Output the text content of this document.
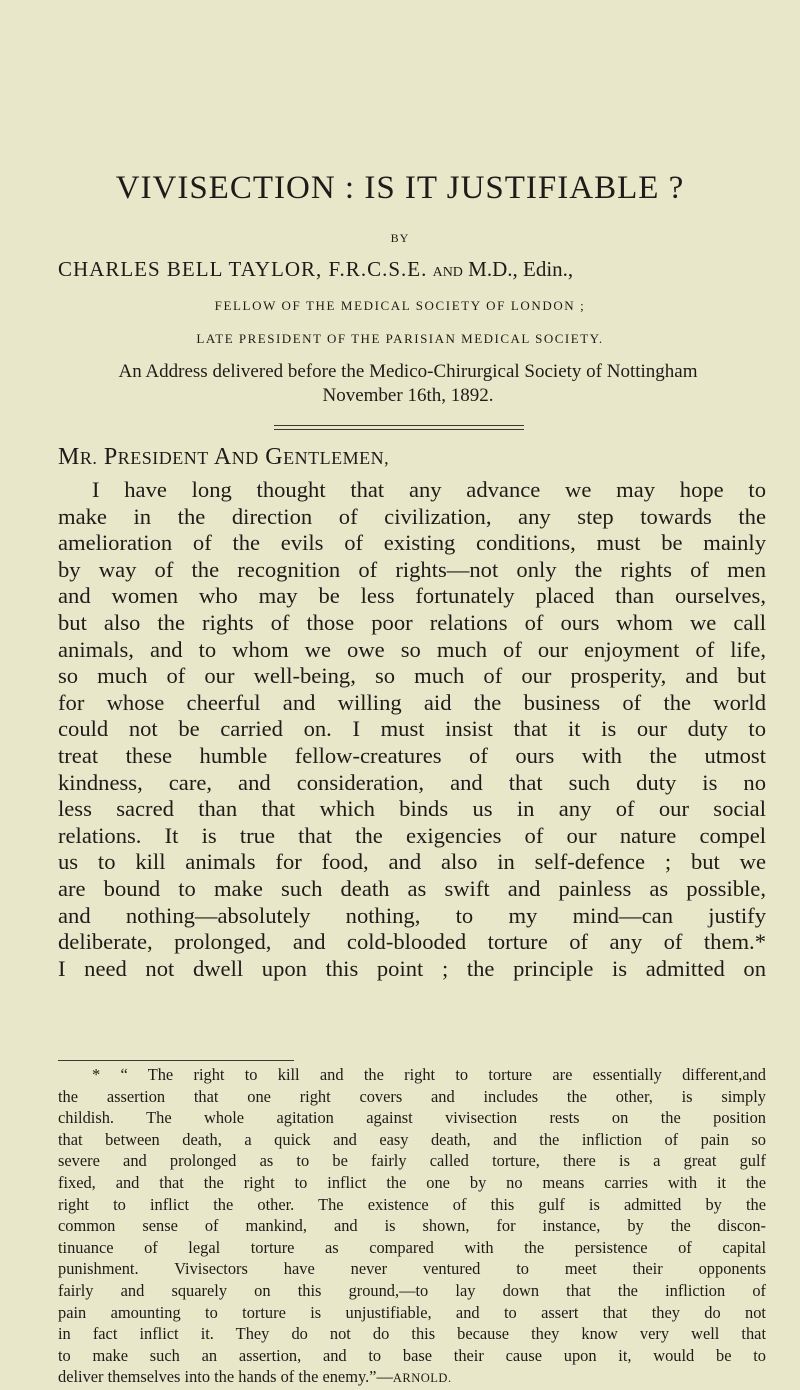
VIVISECTION : IS IT JUSTIFIABLE ?
BY
CHARLES BELL TAYLOR, F.R.C.S.E. AND M.D., Edin.,
FELLOW OF THE MEDICAL SOCIETY OF LONDON ;
LATE PRESIDENT OF THE PARISIAN MEDICAL SOCIETY.
An Address delivered before the Medico-Chirurgical Society of Nottingham
November 16th, 1892.
MR. PRESIDENT AND GENTLEMEN,
I have long thought that any advance we may hope to
make in the direction of civilization, any step towards the
amelioration of the evils of existing conditions, must be mainly
by way of the recognition of rights—not only the rights of men
and women who may be less fortunately placed than ourselves,
but also the rights of those poor relations of ours whom we call
animals, and to whom we owe so much of our enjoyment of life,
so much of our well-being, so much of our prosperity, and but
for whose cheerful and willing aid the business of the world
could not be carried on. I must insist that it is our duty to
treat these humble fellow-creatures of ours with the utmost
kindness, care, and consideration, and that such duty is no
less sacred than that which binds us in any of our social
relations. It is true that the exigencies of our nature compel
us to kill animals for food, and also in self-defence ; but we
are bound to make such death as swift and painless as possible,
and nothing—absolutely nothing, to my mind—can justify
deliberate, prolonged, and cold-blooded torture of any of them.*
I need not dwell upon this point ; the principle is admitted on
* “ The right to kill and the right to torture are essentially different,and
the assertion that one right covers and includes the other, is simply
childish. The whole agitation against vivisection rests on the position
that between death, a quick and easy death, and the infliction of pain so
severe and prolonged as to be fairly called torture, there is a great gulf
fixed, and that the right to inflict the one by no means carries with it the
right to inflict the other. The existence of this gulf is admitted by the
common sense of mankind, and is shown, for instance, by the discon-
tinuance of legal torture as compared with the persistence of capital
punishment. Vivisectors have never ventured to meet their opponents
fairly and squarely on this ground,—to lay down that the infliction of
pain amounting to torture is unjustifiable, and to assert that they do not
in fact inflict it. They do not do this because they know very well that
to make such an assertion, and to base their cause upon it, would be to
deliver themselves into the hands of the enemy.”—ARNOLD.
